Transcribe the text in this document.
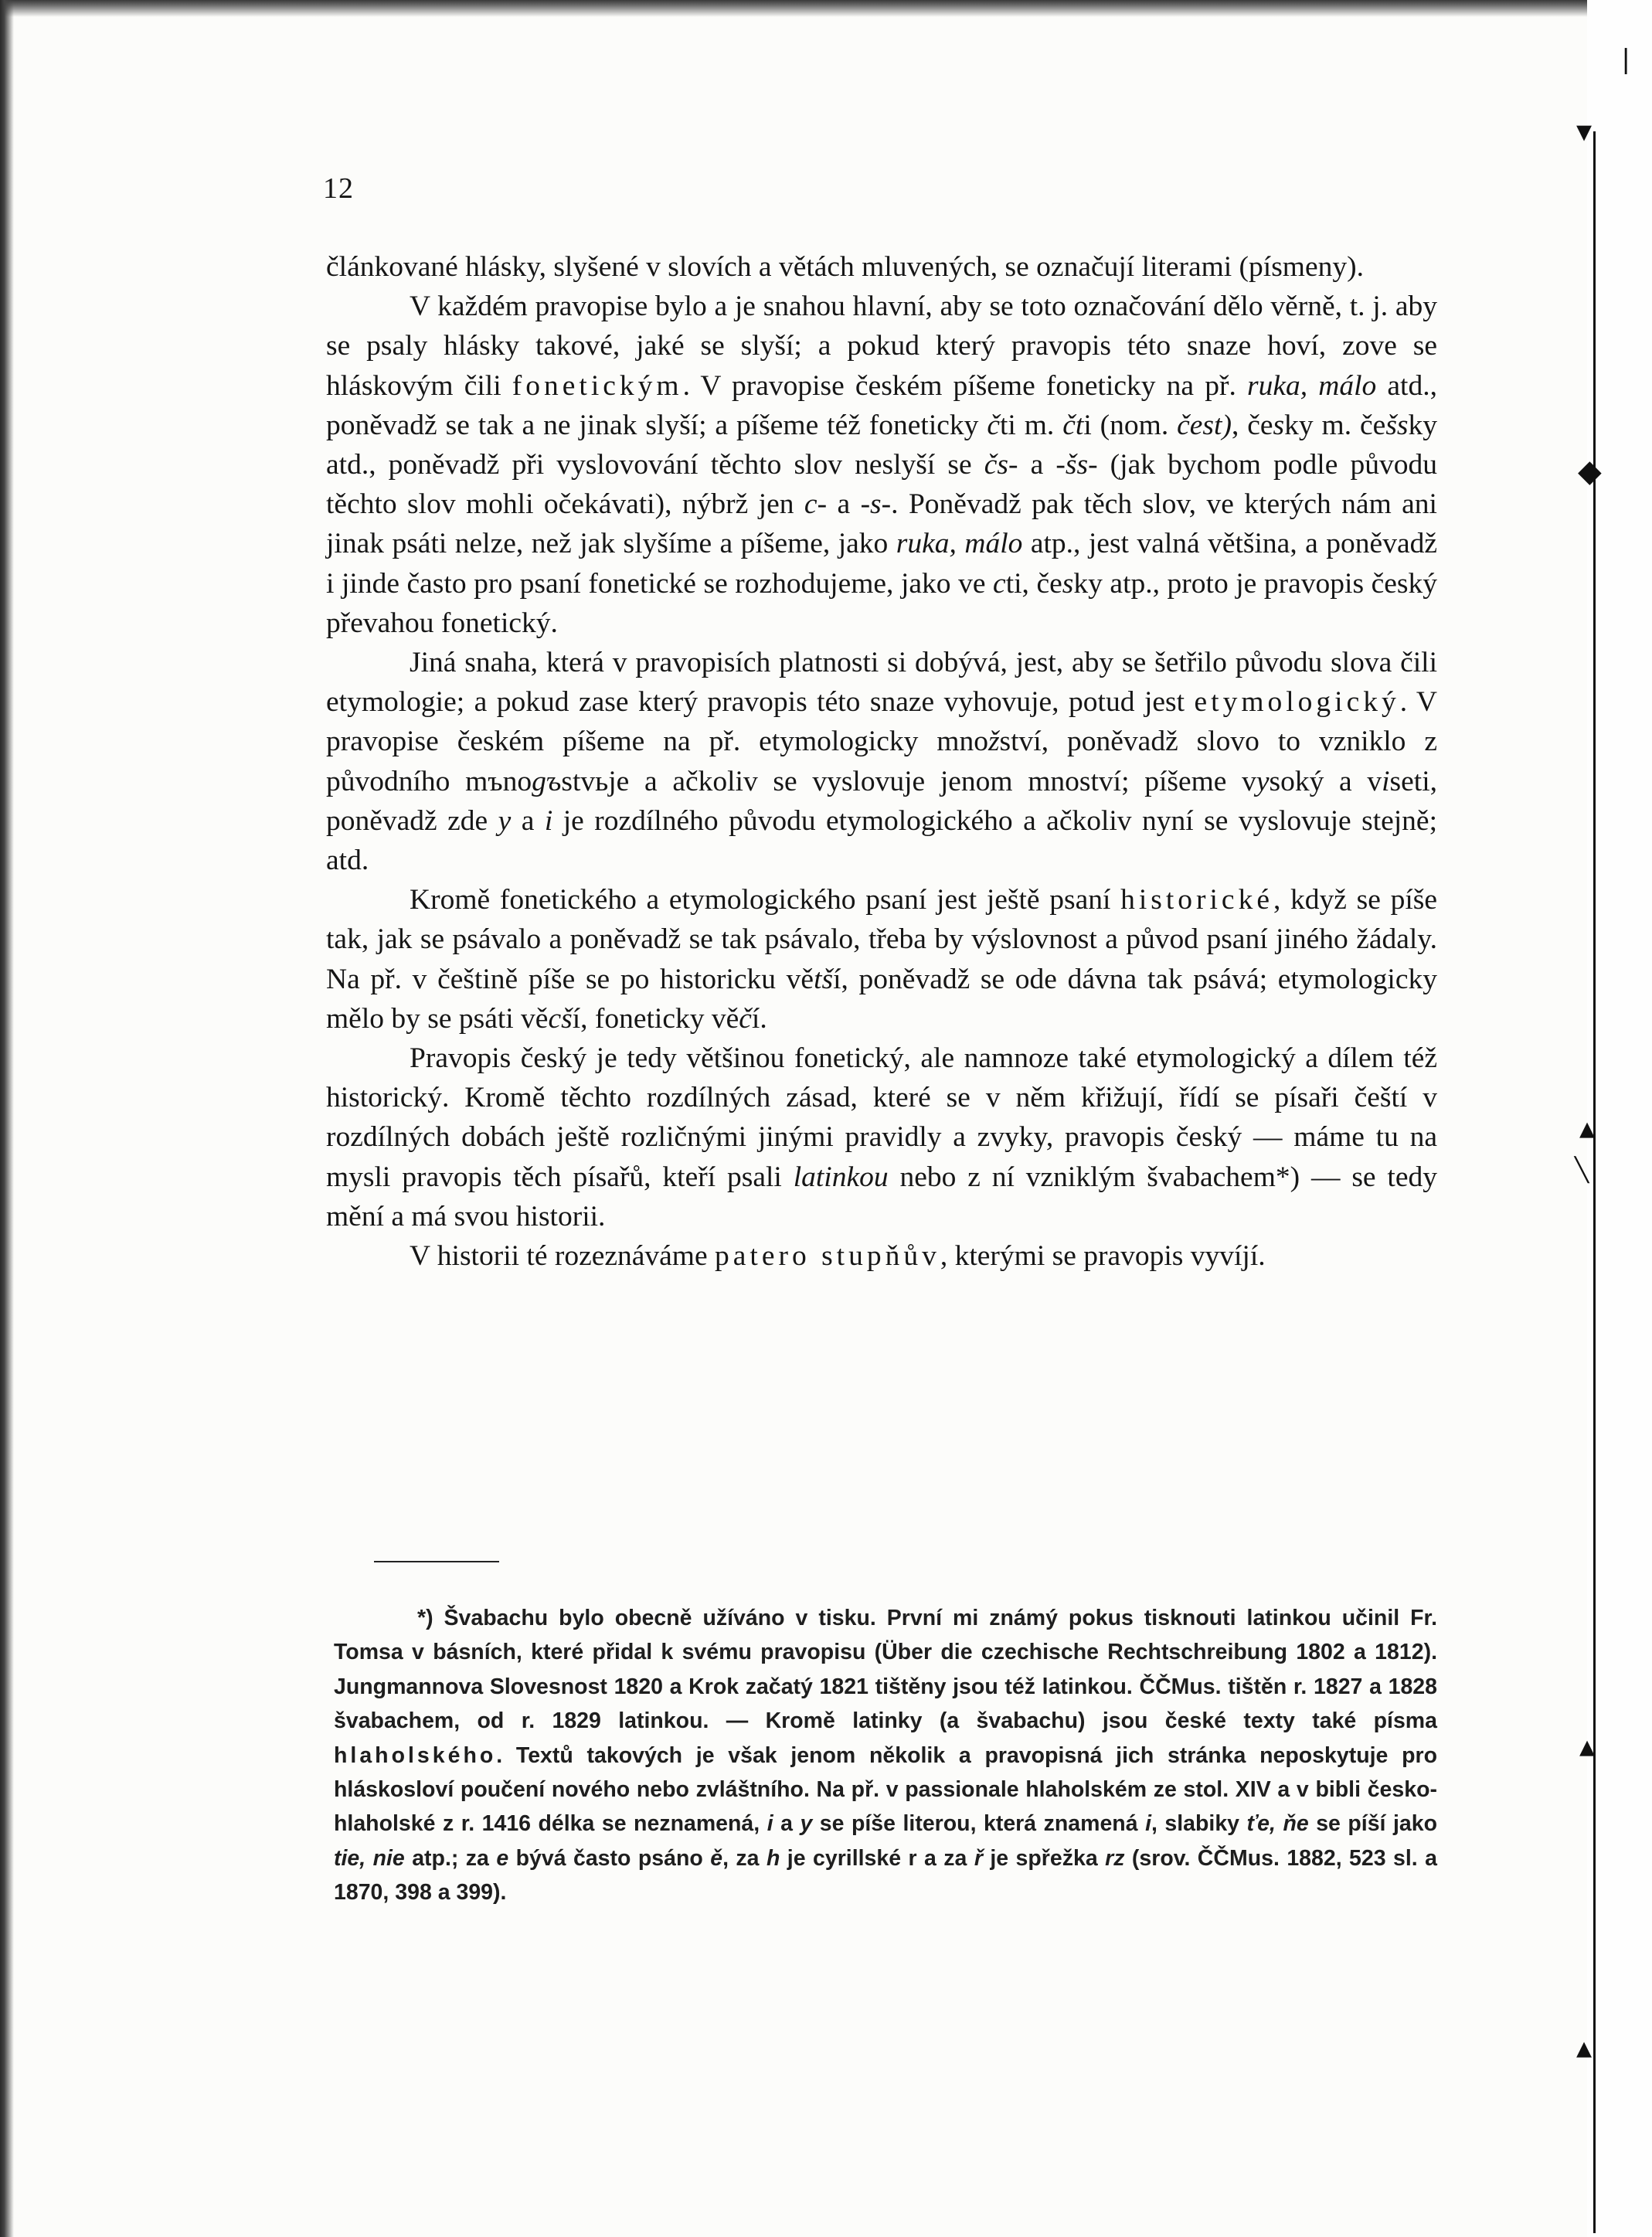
▾
◆
▴
╲
▴
▴
❘
12

článkované hlásky, slyšené v slovích a větách mluvených, se označují literami (písmeny).

V každém pravopise bylo a je snahou hlavní, aby se toto označování dělo věrně, t. j. aby se psaly hlásky takové, jaké se slyší; a pokud který pravopis této snaze hoví, zove se hláskovým čili fonetickým. V pravopise českém píšeme foneticky na př. ruka, málo atd., poněvadž se tak a ne jinak slyší; a píšeme též foneticky čti m. čti (nom. čest), česky m. češsky atd., poněvadž při vyslovování těchto slov neslyší se čs- a -šs- (jak bychom podle původu těchto slov mohli očekávati), nýbrž jen c- a -s-. Poněvadž pak těch slov, ve kterých nám ani jinak psáti nelze, než jak slyšíme a píšeme, jako ruka, málo atp., jest valná většina, a poněvadž i jinde často pro psaní fonetické se rozhodujeme, jako ve cti, česky atp., proto je pravopis český převahou fonetický.

Jiná snaha, která v pravopisích platnosti si dobývá, jest, aby se šetřilo původu slova čili etymologie; a pokud zase který pravopis této snaze vyhovuje, potud jest etymologický. V pravopise českém píšeme na př. etymologicky množství, poněvadž slovo to vzniklo z původního mъnogъstvьje a ačkoliv se vyslovuje jenom mnoství; píšeme vysoký a viseti, poněvadž zde y a i je rozdílného původu etymologického a ačkoliv nyní se vyslovuje stejně; atd.

Kromě fonetického a etymologického psaní jest ještě psaní historické, když se píše tak, jak se psávalo a poněvadž se tak psávalo, třeba by výslovnost a původ psaní jiného žádaly. Na př. v češtině píše se po historicku větší, poněvadž se ode dávna tak psává; etymologicky mělo by se psáti věcší, foneticky věčí.

Pravopis český je tedy většinou fonetický, ale namnoze také etymologický a dílem též historický. Kromě těchto rozdílných zásad, které se v něm křižují, řídí se písaři čeští v rozdílných dobách ještě rozličnými jinými pravidly a zvyky, pravopis český — máme tu na mysli pravopis těch písařů, kteří psali latinkou nebo z ní vzniklým švabachem*) — se tedy mění a má svou historii.

V historii té rozeznáváme patero stupňův, kterými se pravopis vyvíjí.

*) Švabachu bylo obecně užíváno v tisku. První mi známý pokus tisknouti latinkou učinil Fr. Tomsa v básních, které přidal k svému pravopisu (Über die czechische Rechtschreibung 1802 a 1812). Jungmannova Slovesnost 1820 a Krok začatý 1821 tištěny jsou též latinkou. ČČMus. tištěn r. 1827 a 1828 švabachem, od r. 1829 latinkou. — Kromě latinky (a švabachu) jsou české texty také písma hlaholského. Textů takových je však jenom několik a pravopisná jich stránka neposkytuje pro hláskosloví poučení nového nebo zvláštního. Na př. v passionale hlaholském ze stol. XIV a v bibli česko-hlaholské z r. 1416 délka se neznamená, i a y se píše literou, která znamená i, slabiky ťe, ňe se píší jako tie, nie atp.; za e bývá často psáno ě, za h je cyrillské r a za ř je spřežka rz (srov. ČČMus. 1882, 523 sl. a 1870, 398 a 399).
